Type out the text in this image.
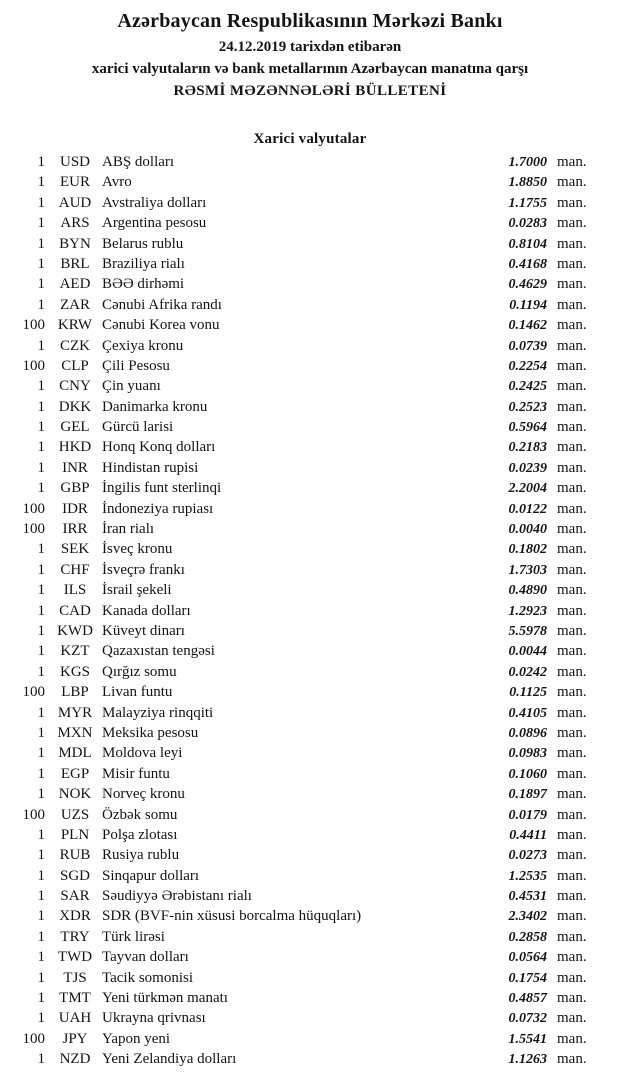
Azərbaycan Respublikasının Mərkəzi Bankı
24.12.2019 tarixdən etibarən
xarici valyutaların və bank metallarının Azərbaycan manatına qarşı
RƏSMİ MƏZƏNNƏLƏRİ BÜLLETENİ
Xarici valyutalar
1 USD ABŞ dolları	1.7000 man.
1	EUR Avro	1.8850 man.
1 AUD Avstraliya dolları	1.1755 man.
1	ARS Argentina pesosu	0.0283 man.
1 BYN Belarus rublu	0.8104 man.
1	BRL Braziliya rialı	0.4168 man.
1 AED BƏƏ dirhəmi	0.4629 man.
1	ZAR Cənubi Afrika randı	0.1194 man.
100 KRW Cənubi Korea vonu	0.1462 man.
1	CZK Çexiya kronu	0.0739 man.
100	CLP Çili Pesosu	0.2254 man.
1 CNY Çin yuanı	0.2425 man.
1 DKK Danimarka kronu	0.2523 man.
1	GEL Gürcü larisi	0.5964 man.
1 HKD Honq Konq dolları	0.2183 man.
1	INR Hindistan rupisi	0.0239 man.
1	GBP İngilis funt sterlinqi	2.2004 man.
100	IDR İndoneziya rupiası	0.0122 man.
100	IRR İran rialı	0.0040 man.
1	SEK İsveç kronu	0.1802 man.
1	CHF İsveçrə frankı	1.7303 man.
1	ILS	İsrail şekeli	0.4890 man.
1 CAD Kanada dolları	1.2923 man.
1 KWD Küveyt dinarı	5.5978 man.
1	KZT Qazaxıstan tengəsi	0.0044 man.
1 KGS Qırğız somu	0.0242 man.
100	LBP Livan funtu	0.1125 man.
1 MYR Malayziya rinqqiti	0.4105 man.
1 MXN Meksika pesosu	0.0896 man.
1 MDL Moldova leyi	0.0983 man.
1	EGP Misir funtu	0.1060 man.
1 NOK Norveç kronu	0.1897 man.
100	UZS Özbək somu	0.0179 man.
1	PLN Polşa zlotası	0.4411 man.
1 RUB Rusiya rublu	0.0273 man.
1 SGD Sinqapur dolları	1.2535 man.
1	SAR Səudiyyə Ərəbistanı rialı	0.4531 man.
1 XDR SDR (BVF-nin xüsusi borcalma hüquqları)	2.3402 man.
1	TRY Türk lirəsi	0.2858 man.
1 TWD Tayvan dolları	0.0564 man.
1	TJS	Tacik somonisi	0.1754 man.
1 TMT Yeni türkmən manatı	0.4857 man.
1 UAH Ukrayna qrivnası	0.0732 man.
100	JPY Yapon yeni	1.5541 man.
1 NZD Yeni Zelandiya dolları	1.1263 man.
